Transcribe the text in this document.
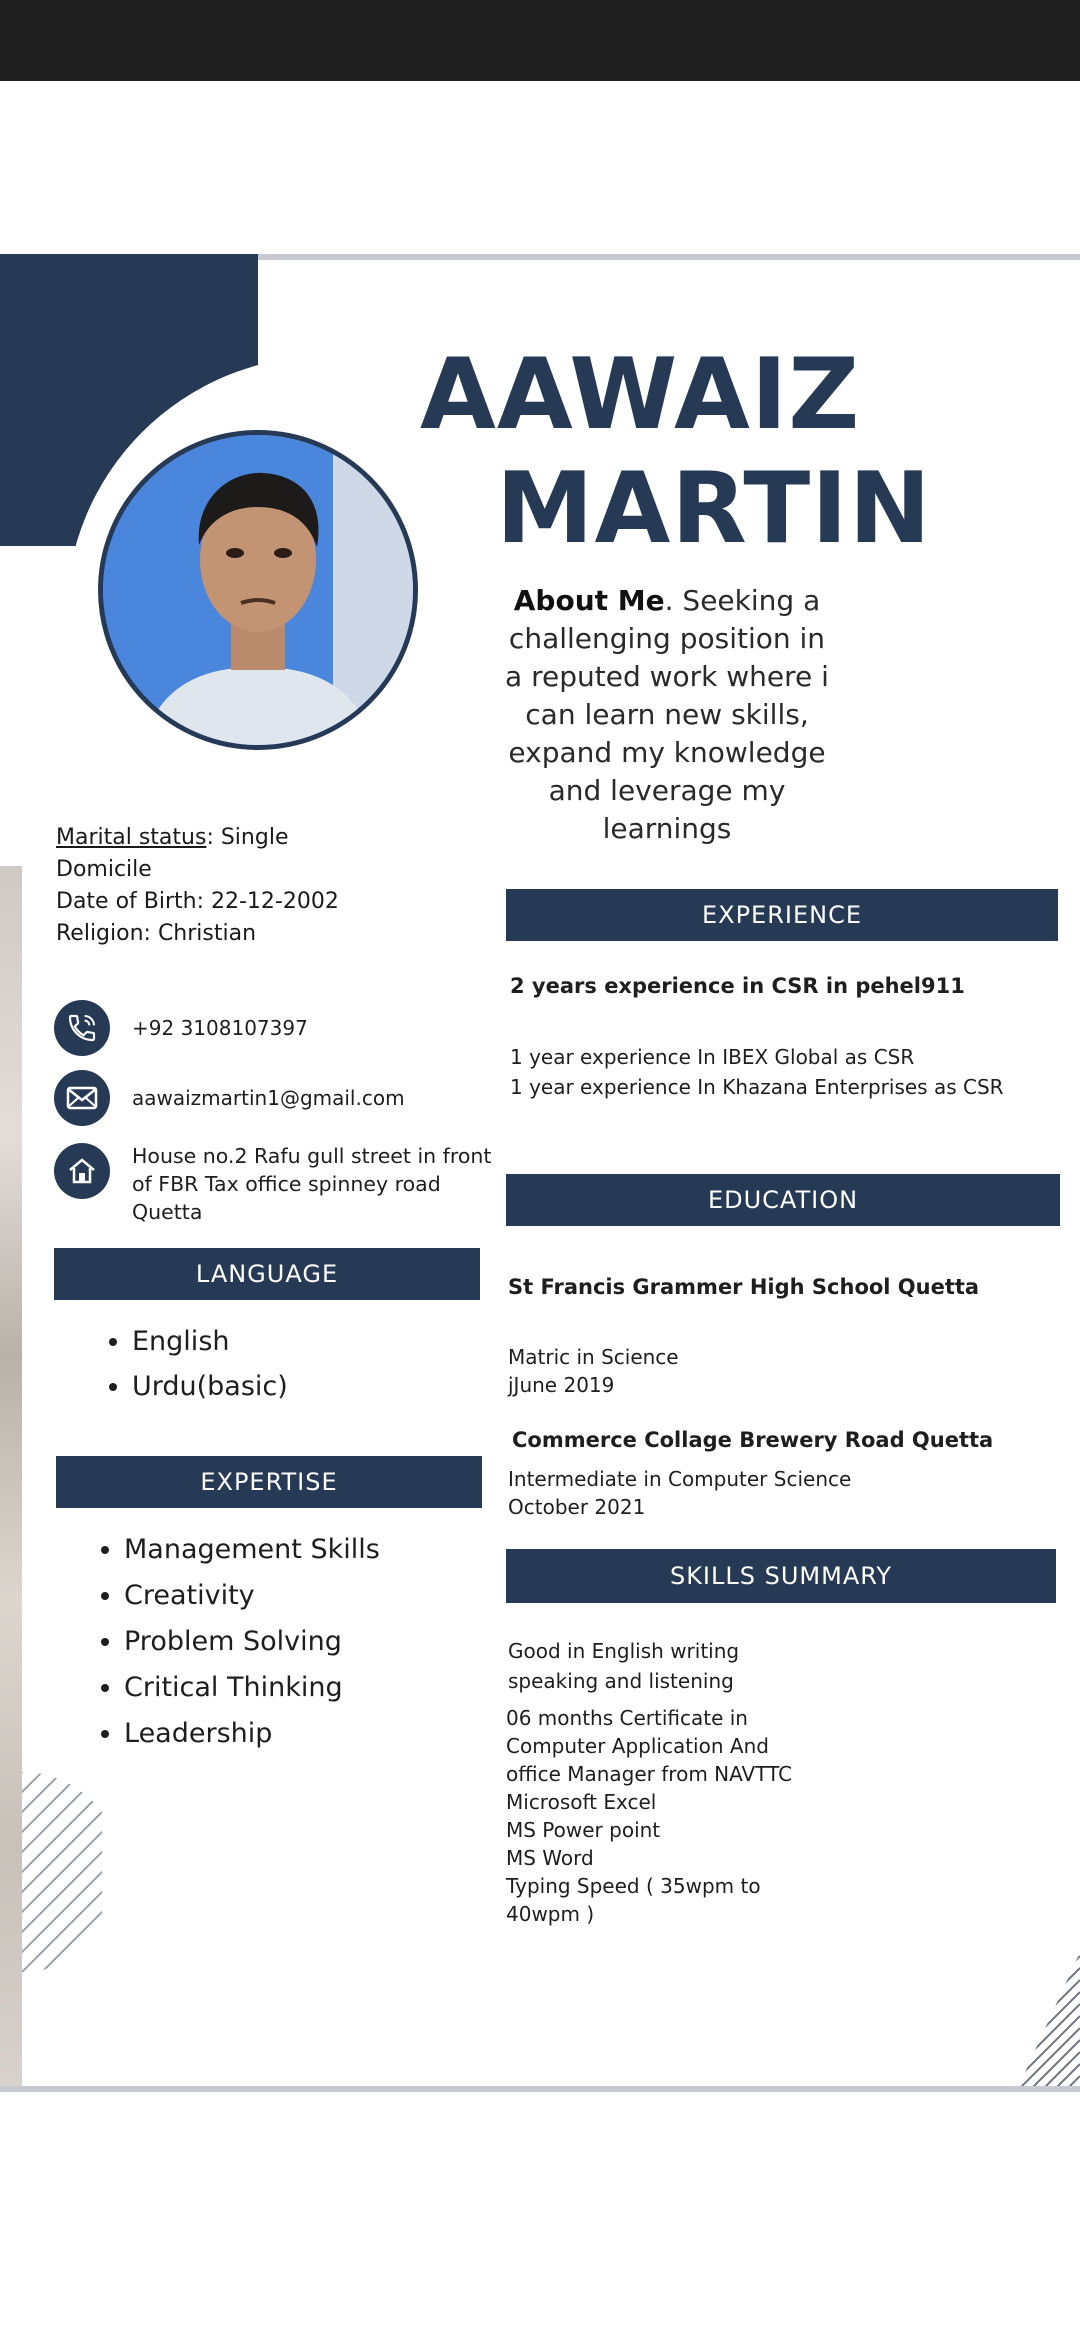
AAWAIZ
MARTIN
About Me. Seeking a challenging position in a reputed work where i can learn new skills, expand my knowledge and leverage my learnings
Marital status: Single
Domicile
Date of Birth: 22-12-2002
Religion: Christian
+92 3108107397
aawaizmartin1@gmail.com
House no.2 Rafu gull street in front
of FBR Tax office spinney road
Quetta
LANGUAGE
• English
• Urdu(basic)
EXPERTISE
• Management Skills
• Creativity
• Problem Solving
• Critical Thinking
• Leadership
EXPERIENCE
2 years experience in CSR in pehel911
1 year experience In IBEX Global as CSR
1 year experience In Khazana Enterprises as CSR
EDUCATION
St Francis Grammer High School Quetta
Matric in Science
jJune 2019
Commerce Collage Brewery Road Quetta
Intermediate in Computer Science
October 2021
SKILLS SUMMARY
Good in English writing
speaking and listening
06 months Certificate in
Computer Application And
office Manager from NAVTTC
Microsoft Excel
MS Power point
MS Word
Typing Speed ( 35wpm to
40wpm )
